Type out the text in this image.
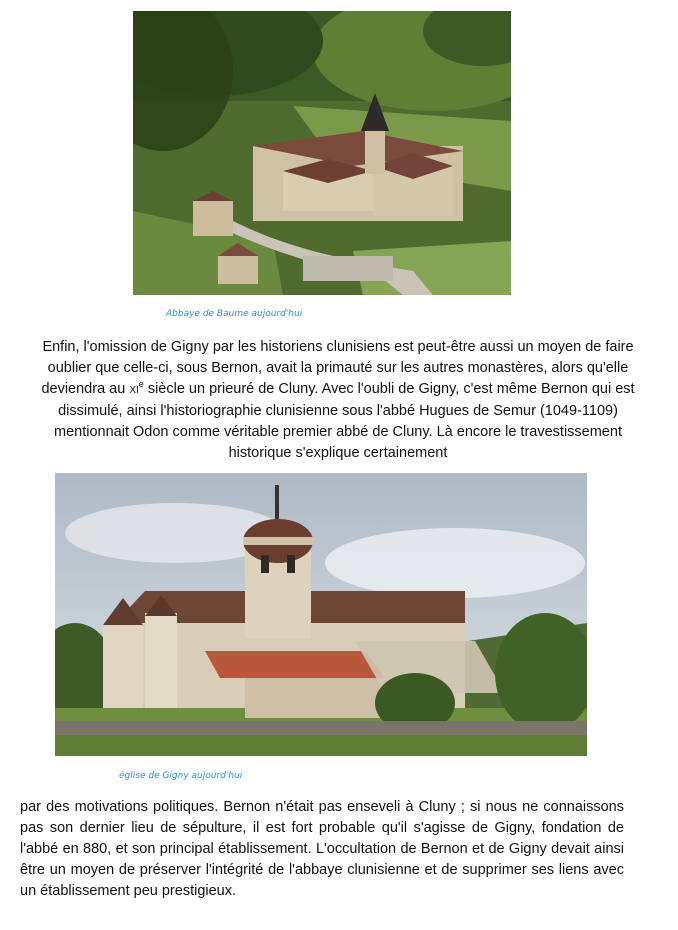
Abbaye de Baume aujourd'hui

Enfin, l'omission de Gigny par les historiens clunisiens est peut-être aussi un moyen de faire oublier que celle-ci, sous Bernon, avait la primauté sur les autres monastères, alors qu'elle deviendra au XIe siècle un prieuré de Cluny. Avec l'oubli de Gigny, c'est même Bernon qui est dissimulé, ainsi l'historiographie clunisienne sous l'abbé Hugues de Semur (1049-1109) mentionnait Odon comme véritable premier abbé de Cluny. Là encore le travestissement historique s'explique certainement

église de Gigny aujourd'hui

par des motivations politiques. Bernon n'était pas enseveli à Cluny ; si nous ne connaissons pas son dernier lieu de sépulture, il est fort probable qu'il s'agisse de Gigny, fondation de l'abbé en 880, et son principal établissement. L'occultation de Bernon et de Gigny devait ainsi être un moyen de préserver l'intégrité de l'abbaye clunisienne et de supprimer ses liens avec un établissement peu prestigieux.
